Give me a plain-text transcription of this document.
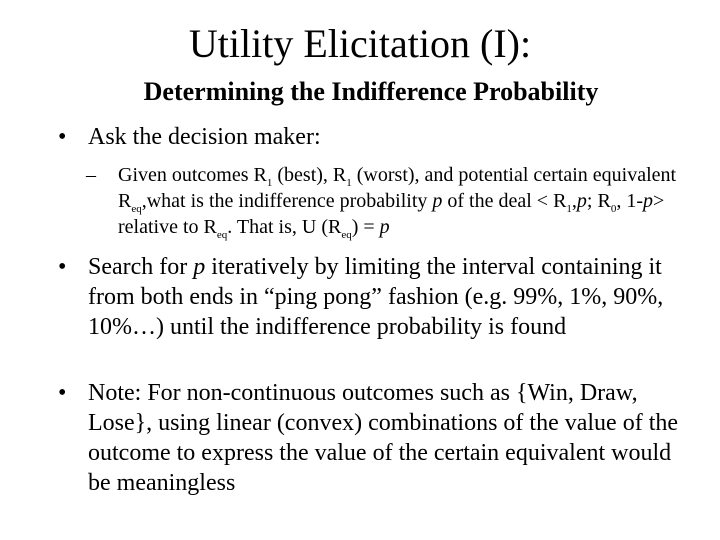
Utility Elicitation (I):
Determining the Indifference Probability
• Ask the decision maker:
– Given outcomes $R_1$ (best), $R_1$ (worst), and potential certain equivalent $R_{eq},what$ is the indifference probability p of the deal < $R_1,p$; $R_0$, 1-p> relative to $R_{eq}$. That is, U $(R_{eq}) = p$
• Search for p iteratively by limiting the interval containing it from both ends in “ping pong” fashion (e.g. 99%, 1%, 90%, 10%…) until the indifference probability is found
• Note: For non-continuous outcomes such as {Win, Draw, Lose}, using linear (convex) combinations of the value of the outcome to express the value of the certain equivalent would be meaningless
